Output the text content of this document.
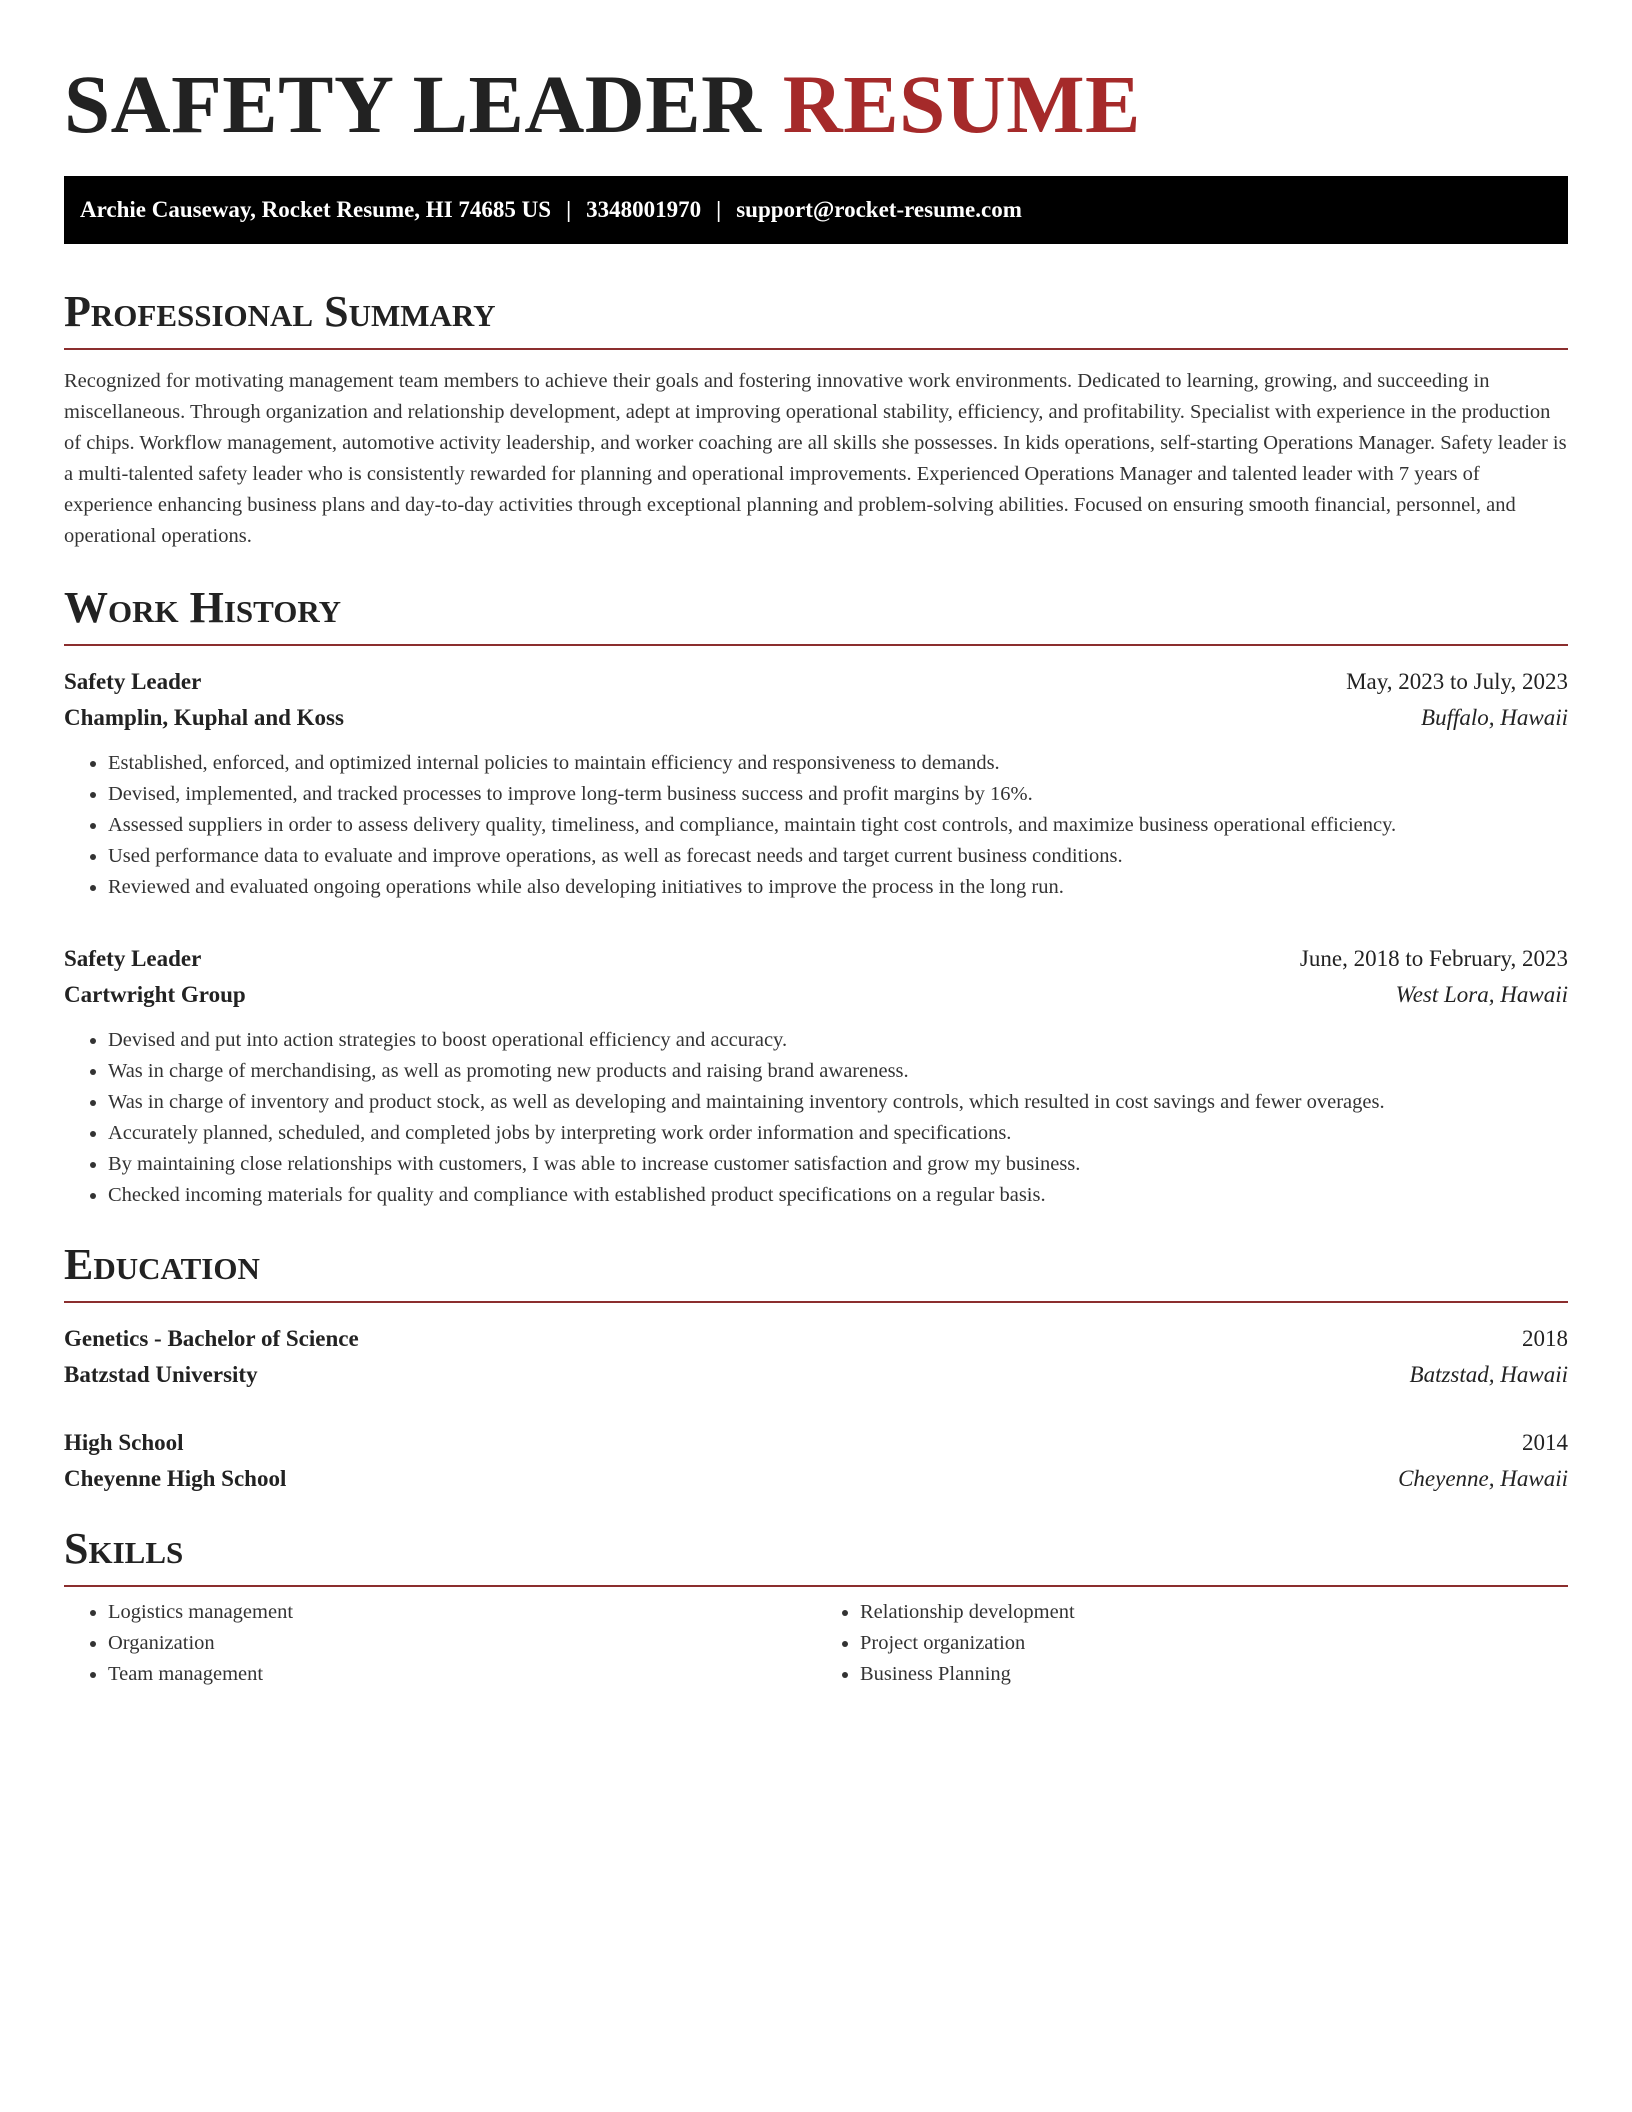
SAFETY LEADER RESUME
Archie Causeway, Rocket Resume, HI 74685 US | 3348001970 | support@rocket-resume.com
Professional Summary

Recognized for motivating management team members to achieve their goals and fostering innovative work environments. Dedicated to learning, growing, and succeeding in miscellaneous. Through organization and relationship development, adept at improving operational stability, efficiency, and profitability. Specialist with experience in the production of chips. Workflow management, automotive activity leadership, and worker coaching are all skills she possesses. In kids operations, self-starting Operations Manager. Safety leader is a multi-talented safety leader who is consistently rewarded for planning and operational improvements. Experienced Operations Manager and talented leader with 7 years of experience enhancing business plans and day-to-day activities through exceptional planning and problem-solving abilities. Focused on ensuring smooth financial, personnel, and operational operations.

Work History
Safety Leader	May, 2023 to July, 2023
Champlin, Kuphal and Koss	Buffalo, Hawaii
• Established, enforced, and optimized internal policies to maintain efficiency and responsiveness to demands.
• Devised, implemented, and tracked processes to improve long-term business success and profit margins by 16%.
• Assessed suppliers in order to assess delivery quality, timeliness, and compliance, maintain tight cost controls, and maximize business operational efficiency.
• Used performance data to evaluate and improve operations, as well as forecast needs and target current business conditions.
• Reviewed and evaluated ongoing operations while also developing initiatives to improve the process in the long run.
Safety Leader	June, 2018 to February, 2023
Cartwright Group	West Lora, Hawaii
• Devised and put into action strategies to boost operational efficiency and accuracy.
• Was in charge of merchandising, as well as promoting new products and raising brand awareness.
• Was in charge of inventory and product stock, as well as developing and maintaining inventory controls, which resulted in cost savings and fewer overages.
• Accurately planned, scheduled, and completed jobs by interpreting work order information and specifications.
• By maintaining close relationships with customers, I was able to increase customer satisfaction and grow my business.
• Checked incoming materials for quality and compliance with established product specifications on a regular basis.
Education
Genetics - Bachelor of Science	2018
Batzstad University	Batzstad, Hawaii
High School	2014
Cheyenne High School	Cheyenne, Hawaii
Skills
• Logistics management
• Organization
• Team management
• Relationship development
• Project organization
• Business Planning
